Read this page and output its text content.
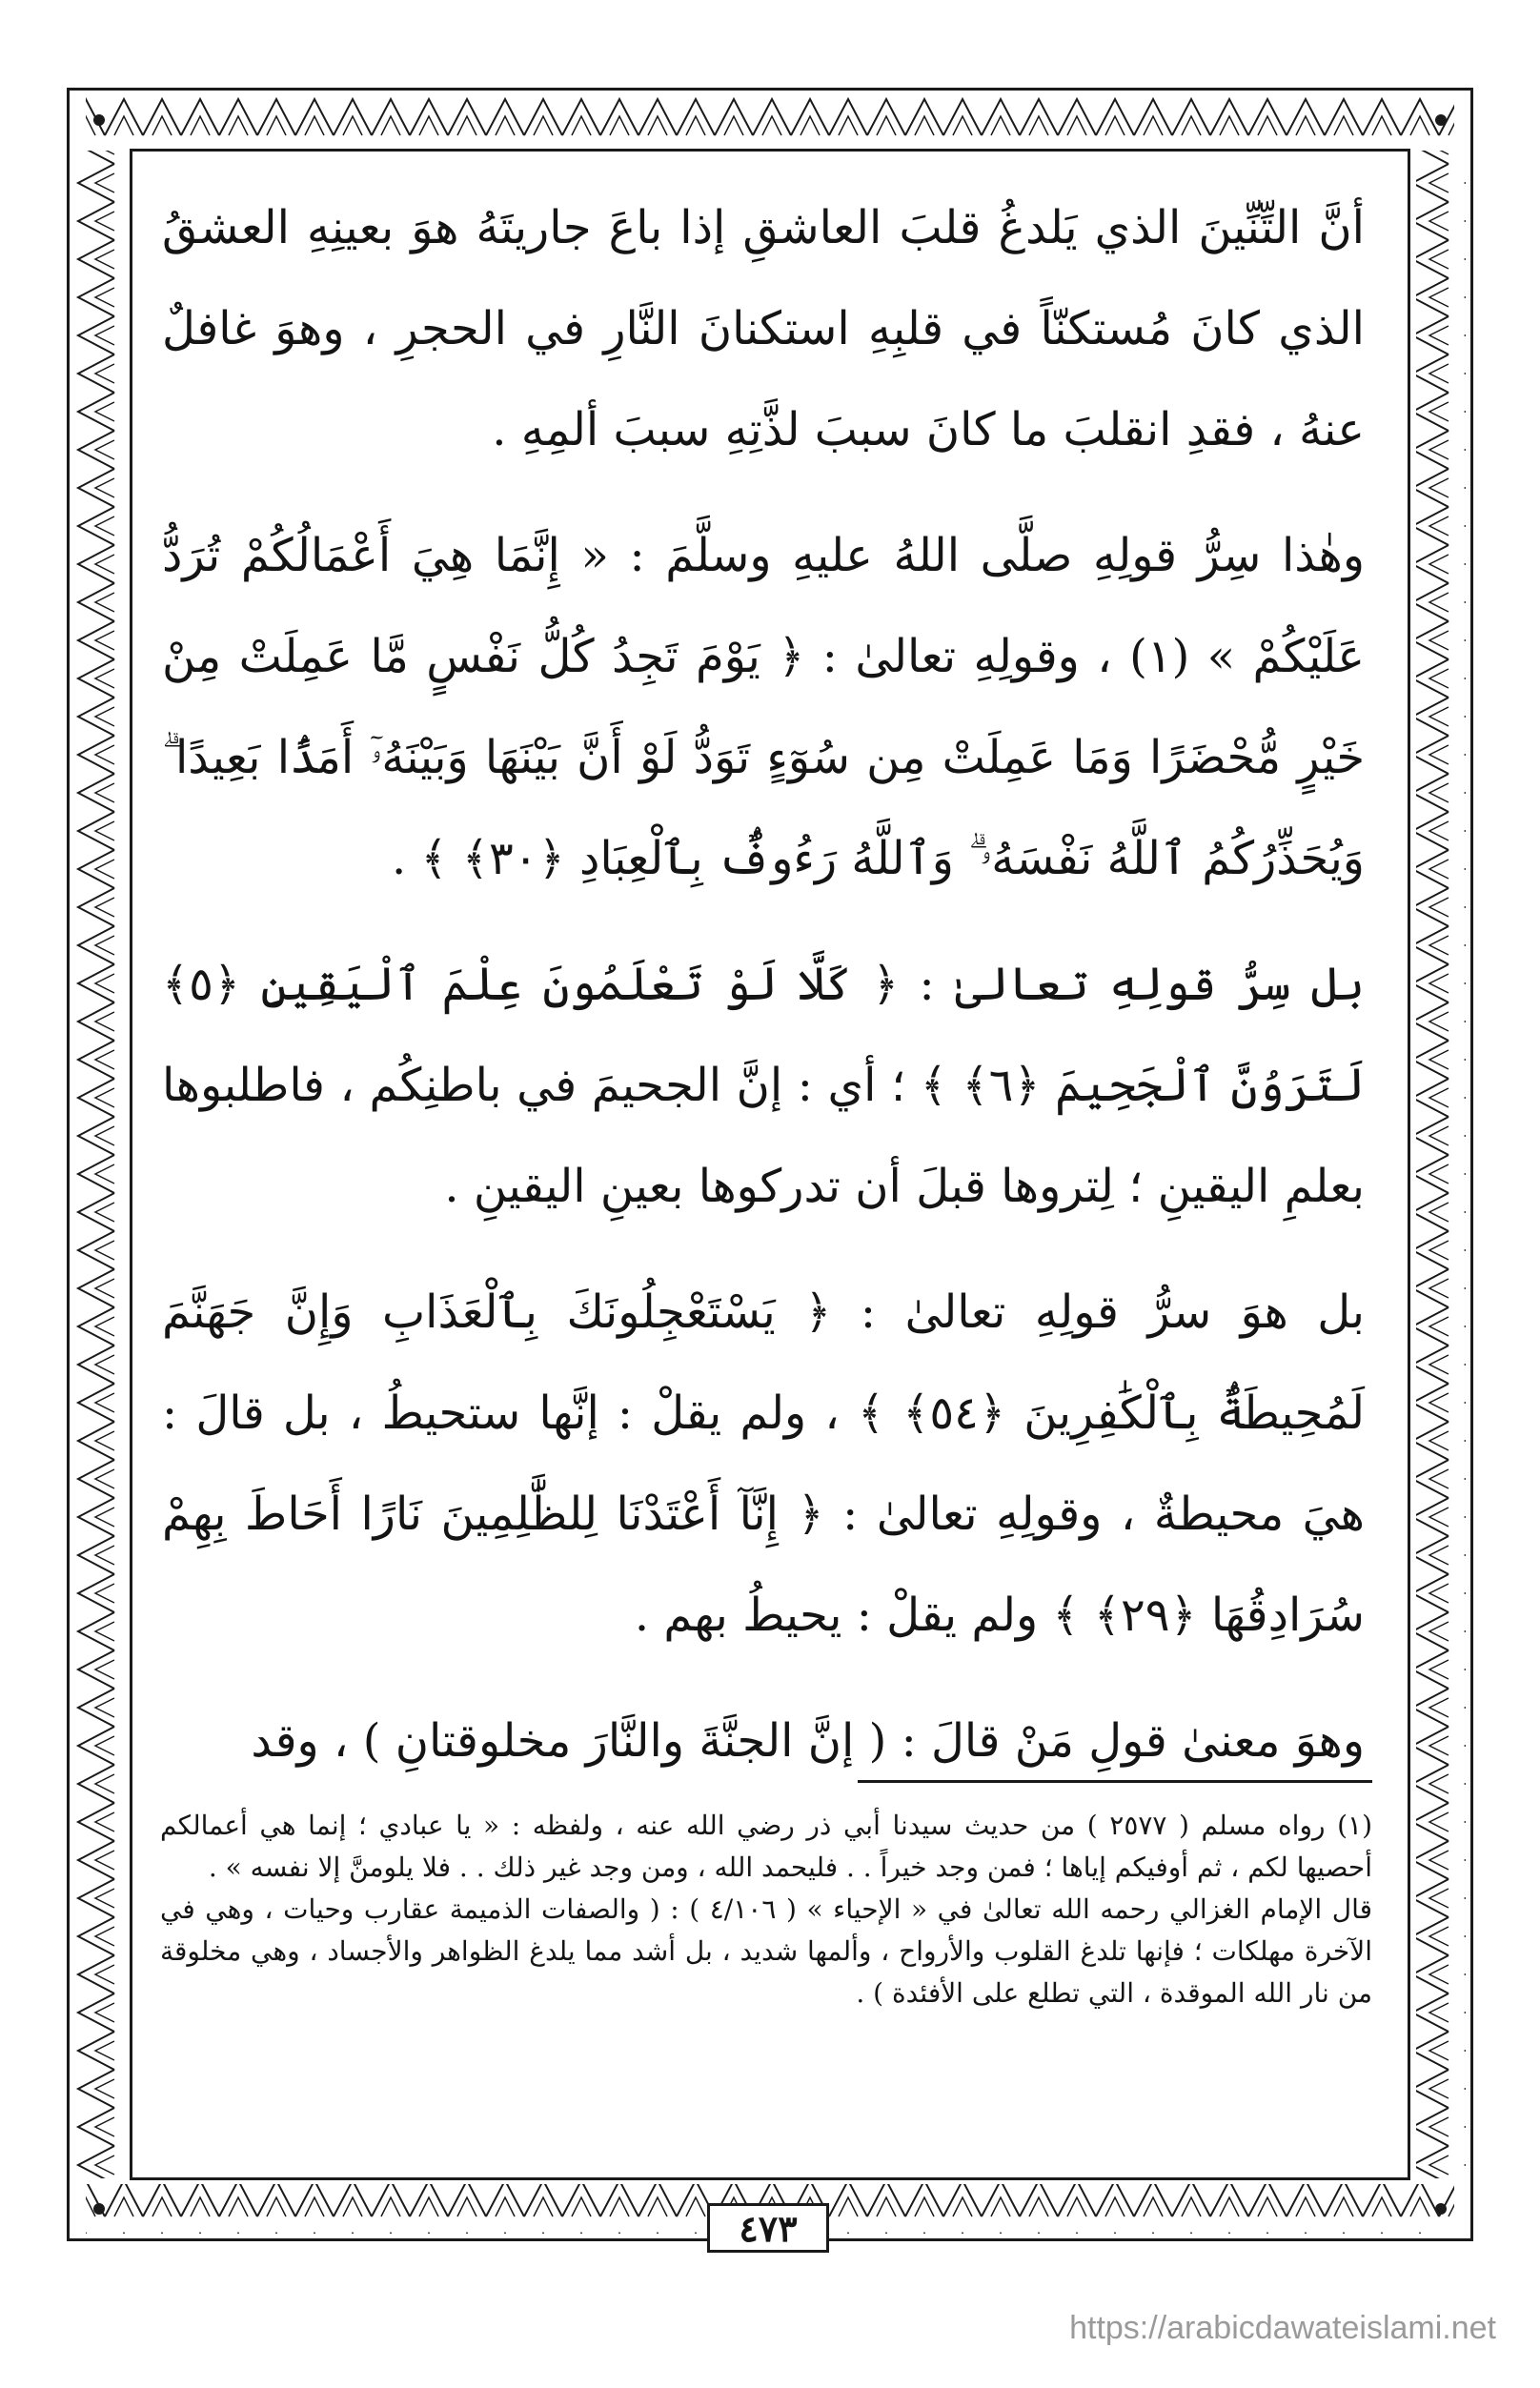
أنَّ التِّنِّينَ الذي يَلدغُ قلبَ العاشقِ إذا باعَ جاريتَهُ هوَ بعينِهِ العشقُ الذي كانَ مُستكنّاً في قلبِهِ استكنانَ النَّارِ في الحجرِ ، وهوَ غافلٌ عنهُ ، فقدِ انقلبَ ما كانَ سببَ لذَّتِهِ سببَ ألمِهِ .

وهٰذا سِرُّ قولِهِ صلَّى اللهُ عليهِ وسلَّمَ : « إِنَّمَا هِيَ أَعْمَالُكُمْ تُرَدُّ عَلَيْكُمْ » (١) ، وقولِهِ تعالىٰ : ﴿ يَوْمَ تَجِدُ كُلُّ نَفْسٍ مَّا عَمِلَتْ مِنْ خَيْرٍ مُّحْضَرًا وَمَا عَمِلَتْ مِن سُوٓءٍ تَوَدُّ لَوْ أَنَّ بَيْنَهَا وَبَيْنَهُۥٓ أَمَدًۢا بَعِيدًا ۗ وَيُحَذِّرُكُمُ ٱللَّهُ نَفْسَهُۥ ۗ وَٱللَّهُ رَءُوفٌۢ بِٱلْعِبَادِ ﴿٣٠﴾ ﴾ .

بل سِرُّ قولِهِ تعالىٰ : ﴿ كَلَّا لَوْ تَعْلَمُونَ عِلْمَ ٱلْيَقِينِ ﴿٥﴾ لَتَرَوُنَّ ٱلْجَحِيمَ ﴿٦﴾ ﴾ ؛ أي : إنَّ الجحيمَ في باطنِكُم ، فاطلبوها بعلمِ اليقينِ ؛ لِتروها قبلَ أن تدركوها بعينِ اليقينِ .

بل هوَ سرُّ قولِهِ تعالىٰ : ﴿ يَسْتَعْجِلُونَكَ بِٱلْعَذَابِ وَإِنَّ جَهَنَّمَ لَمُحِيطَةٌۢ بِٱلْكَٰفِرِينَ ﴿٥٤﴾ ﴾ ، ولم يقلْ : إنَّها ستحيطُ ، بل قالَ : هيَ محيطةٌ ، وقولِهِ تعالىٰ : ﴿ إِنَّآ أَعْتَدْنَا لِلظَّٰلِمِينَ نَارًا أَحَاطَ بِهِمْ سُرَادِقُهَا ﴿٢٩﴾ ﴾ ولم يقلْ : يحيطُ بهم .

وهوَ معنىٰ قولِ مَنْ قالَ : ( إنَّ الجنَّةَ والنَّارَ مخلوقتانِ ) ، وقد

(١) رواه مسلم ( ٢٥٧٧ ) من حديث سيدنا أبي ذر رضي الله عنه ، ولفظه : « يا عبادي ؛ إنما هي أعمالكم أحصيها لكم ، ثم أوفيكم إياها ؛ فمن وجد خيراً . . فليحمد الله ، ومن وجد غير ذلك . . فلا يلومنَّ إلا نفسه » .

قال الإمام الغزالي رحمه الله تعالىٰ في « الإحياء » ( ٤/١٠٦ ) : ( والصفات الذميمة عقارب وحيات ، وهي في الآخرة مهلكات ؛ فإنها تلدغ القلوب والأرواح ، وألمها شديد ، بل أشد مما يلدغ الظواهر والأجساد ، وهي مخلوقة من نار الله الموقدة ، التي تطلع على الأفئدة ) .

٤٧٣
https://arabicdawateislami.net
